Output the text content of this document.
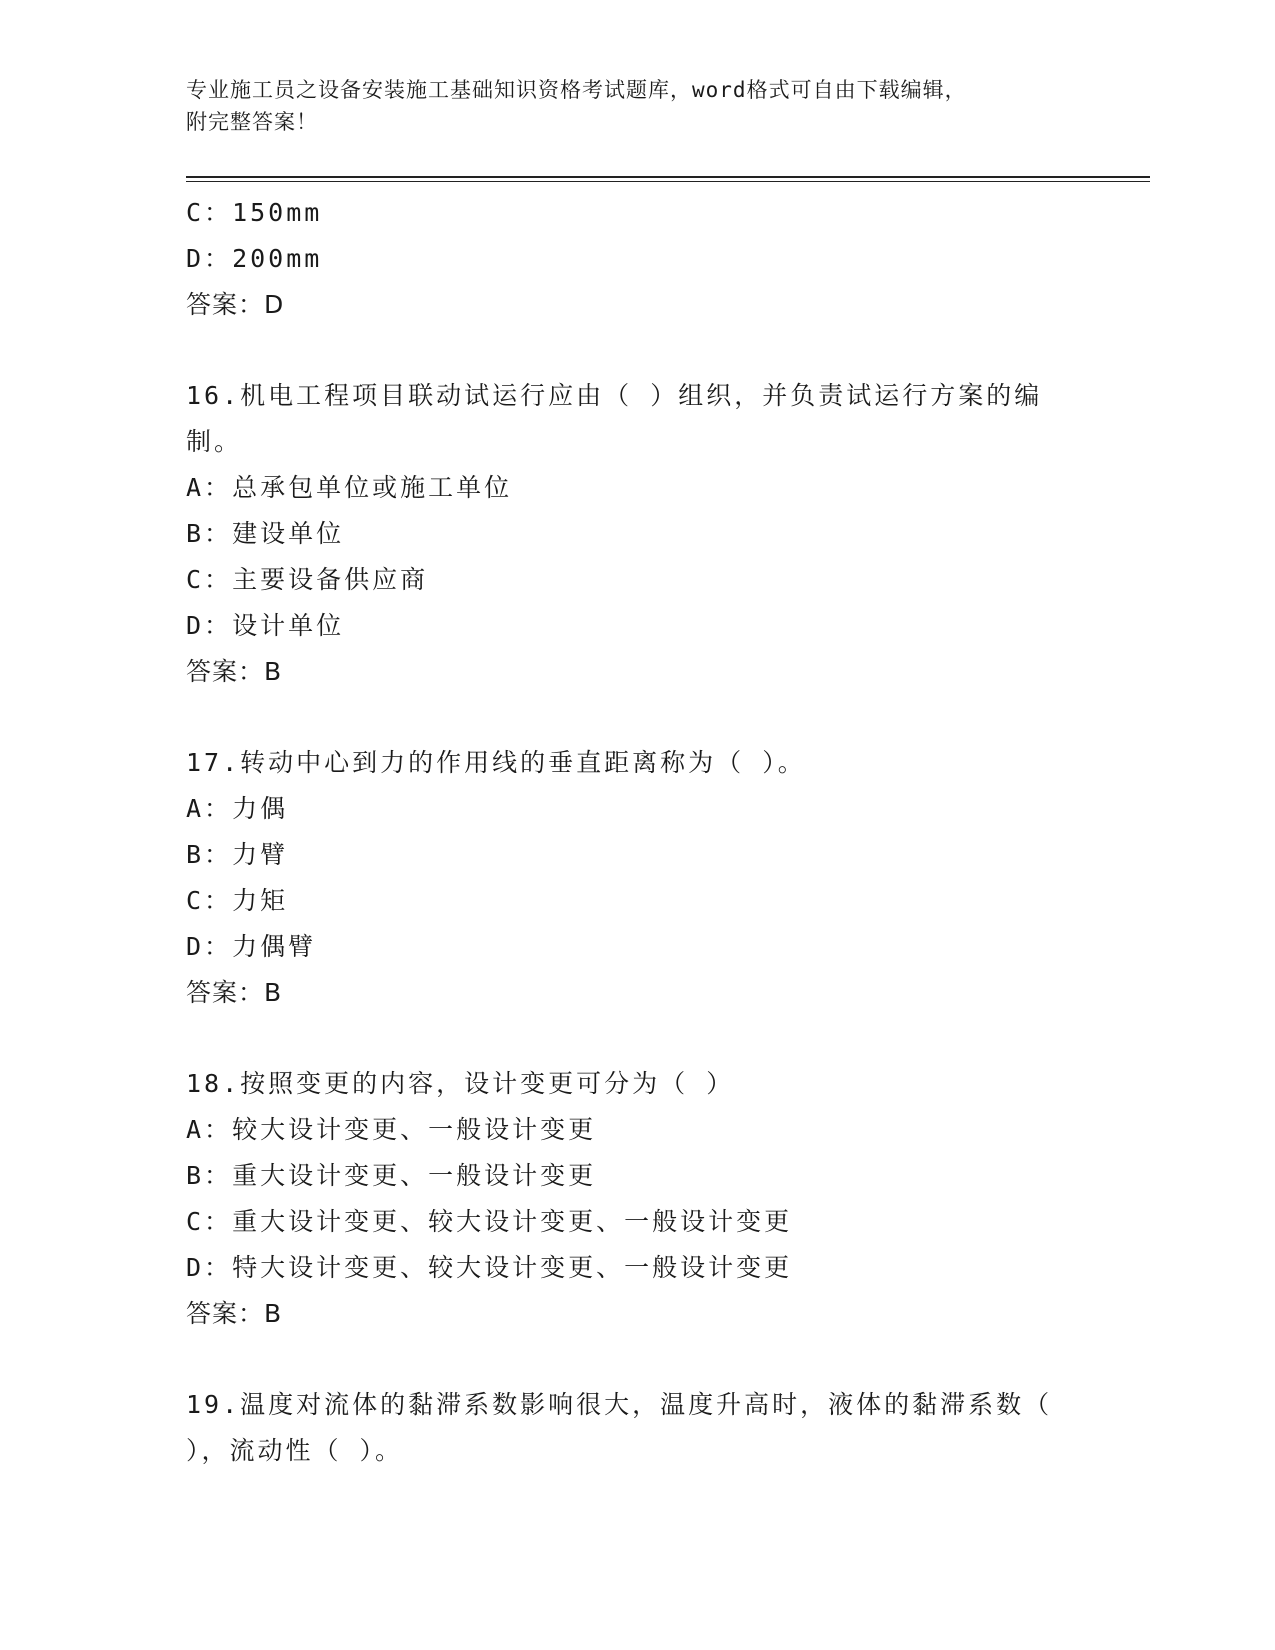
专业施工员之设备安装施工基础知识资格考试题库，word格式可自由下载编辑，
附完整答案！
C：150mm
D：200mm
答案：D
16.机电工程项目联动试运行应由（ ）组织，并负责试运行方案的编
制。
A：总承包单位或施工单位
B：建设单位
C：主要设备供应商
D：设计单位
答案：B
17.转动中心到力的作用线的垂直距离称为（ ）。
A：力偶
B：力臂
C：力矩
D：力偶臂
答案：B
18.按照变更的内容，设计变更可分为（ ）
A：较大设计变更、一般设计变更
B：重大设计变更、一般设计变更
C：重大设计变更、较大设计变更、一般设计变更
D：特大设计变更、较大设计变更、一般设计变更
答案：B
19.温度对流体的黏滞系数影响很大，温度升高时，液体的黏滞系数（
），流动性（ ）。
